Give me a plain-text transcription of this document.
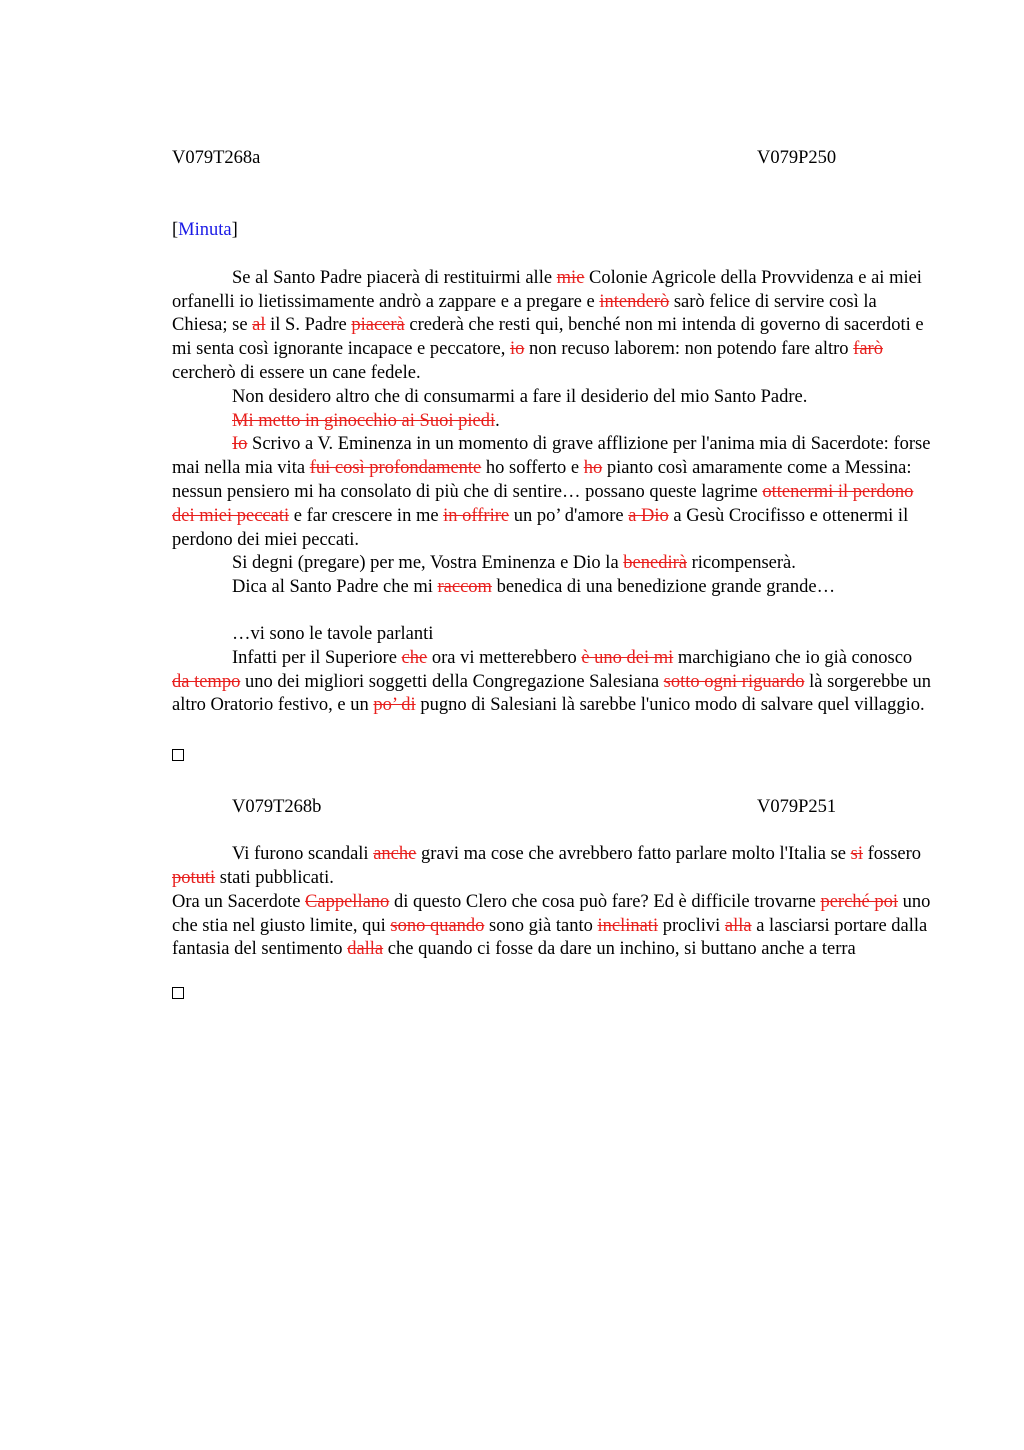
V079T268a	V079P250
[Minuta]
Se al Santo Padre piacerà di restituirmi alle mie Colonie Agricole della Provvidenza e ai miei orfanelli io lietissimamente andrò a zappare e a pregare e intenderò sarò felice di servire così la Chiesa; se al il S. Padre piacerà crederà che resti qui, benché non mi intenda di governo di sacerdoti e mi senta così ignorante incapace e peccatore, io non recuso laborem: non potendo fare altro farò cercherò di essere un cane fedele.
Non desidero altro che di consumarmi a fare il desiderio del mio Santo Padre.
Mi metto in ginocchio ai Suoi piedi.
Io Scrivo a V. Eminenza in un momento di grave afflizione per l'anima mia di Sacerdote: forse mai nella mia vita fui così profondamente ho sofferto e ho pianto così amaramente come a Messina: nessun pensiero mi ha consolato di più che di sentire… possano queste lagrime ottenermi il perdono dei miei peccati e far crescere in me in offrire un po’ d'amore a Dio a Gesù Crocifisso e ottenermi il perdono dei miei peccati.
Si degni (pregare) per me, Vostra Eminenza e Dio la benedirà ricompenserà.
Dica al Santo Padre che mi raccom benedica di una benedizione grande grande…
…vi sono le tavole parlanti
Infatti per il Superiore che ora vi metterebbero è uno dei mi marchigiano che io già conosco da tempo uno dei migliori soggetti della Congregazione Salesiana sotto ogni riguardo là sorgerebbe un altro Oratorio festivo, e un po’ di pugno di Salesiani là sarebbe l'unico modo di salvare quel villaggio.
V079T268b	V079P251
Vi furono scandali anche gravi ma cose che avrebbero fatto parlare molto l'Italia se si fossero potuti stati pubblicati.
Ora un Sacerdote Cappellano di questo Clero che cosa può fare? Ed è difficile trovarne perché poi uno che stia nel giusto limite, qui sono quando sono già tanto inclinati proclivi alla a lasciarsi portare dalla fantasia del sentimento dalla che quando ci fosse da dare un inchino, si buttano anche a terra
